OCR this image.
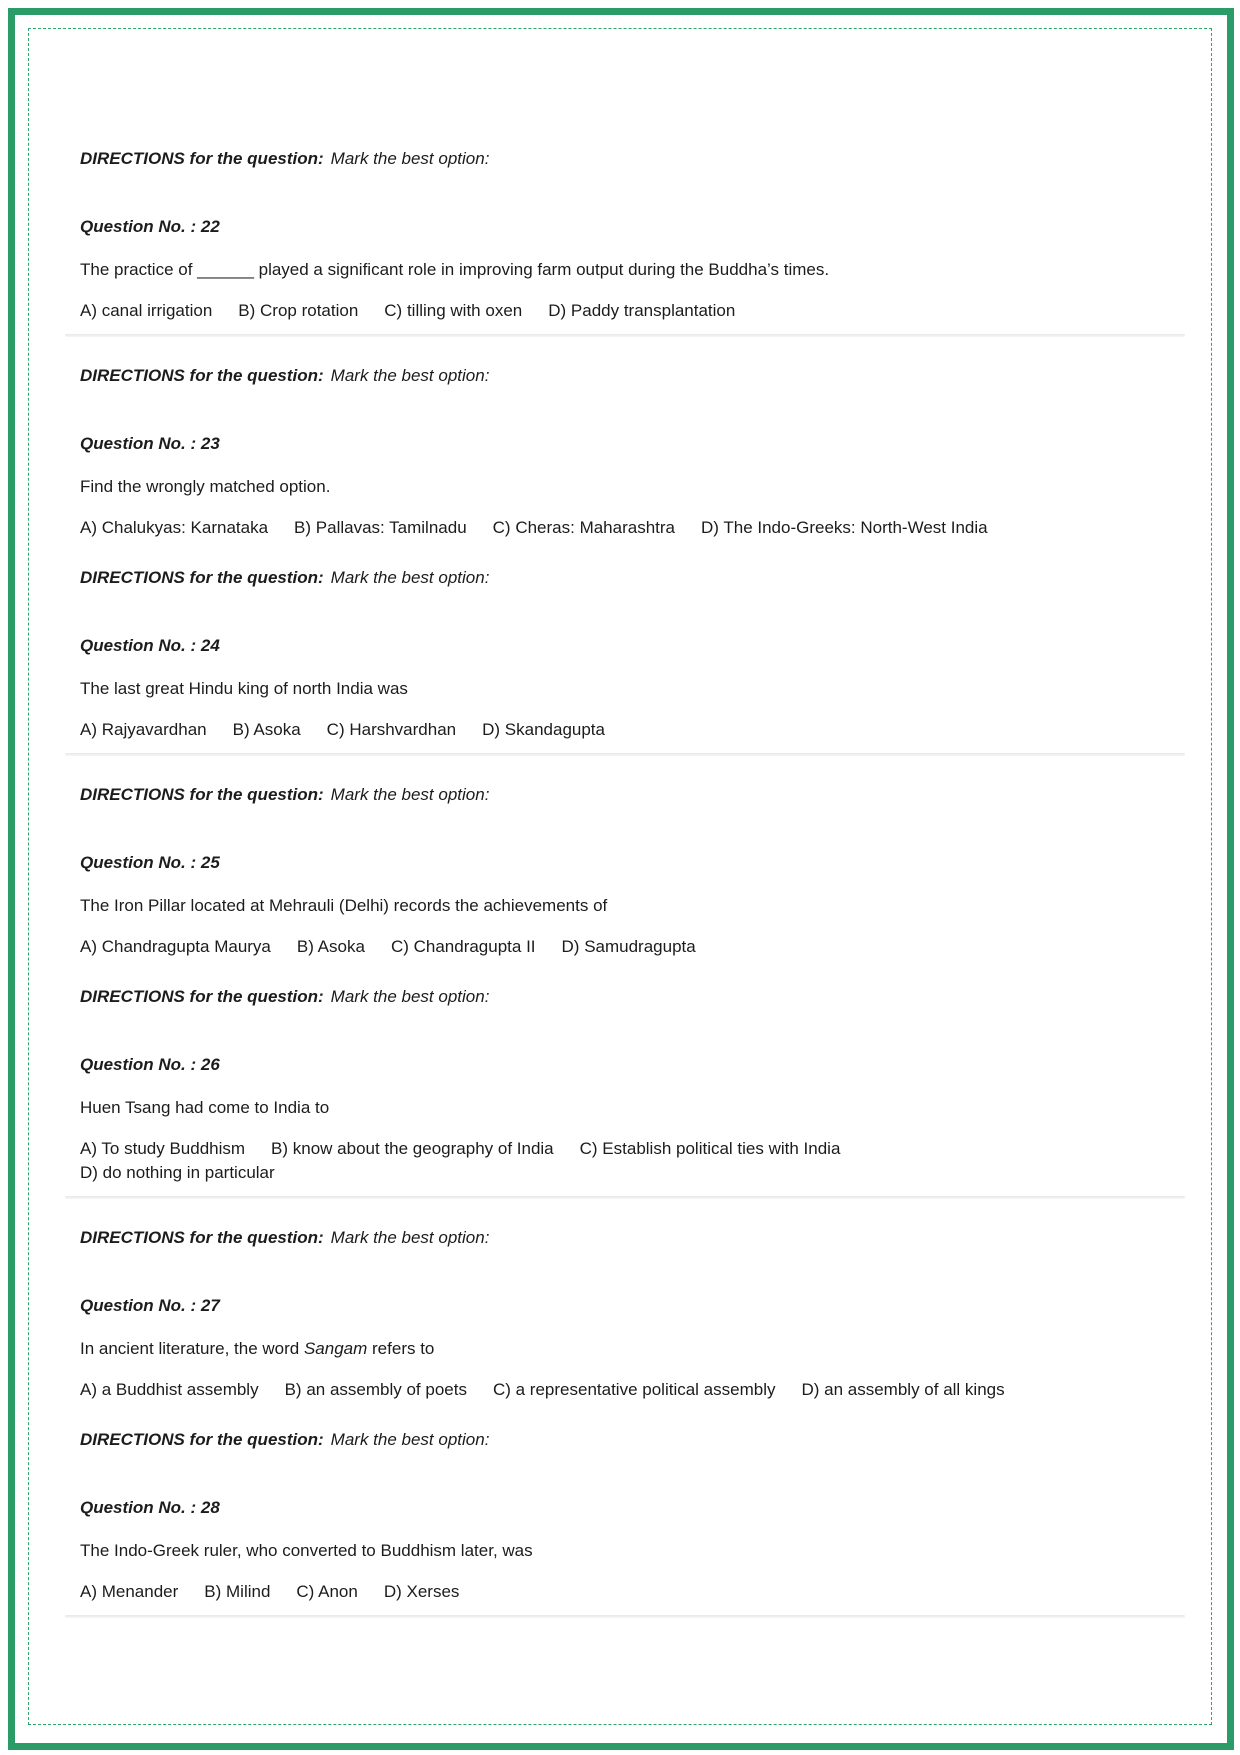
DIRECTIONS for the question: Mark the best option:

Question No. : 22

The practice of ______ played a significant role in improving farm output during the Buddha’s times.

A) canal irrigation B) Crop rotation C) tilling with oxen D) Paddy transplantation

DIRECTIONS for the question: Mark the best option:

Question No. : 23

Find the wrongly matched option.

A) Chalukyas: Karnataka B) Pallavas: Tamilnadu C) Cheras: Maharashtra D) The Indo-Greeks: North-West India

DIRECTIONS for the question: Mark the best option:

Question No. : 24

The last great Hindu king of north India was

A) Rajyavardhan B) Asoka C) Harshvardhan D) Skandagupta

DIRECTIONS for the question: Mark the best option:

Question No. : 25

The Iron Pillar located at Mehrauli (Delhi) records the achievements of

A) Chandragupta Maurya B) Asoka C) Chandragupta II D) Samudragupta

DIRECTIONS for the question: Mark the best option:

Question No. : 26

Huen Tsang had come to India to

A) To study Buddhism B) know about the geography of India C) Establish political ties with India
D) do nothing in particular

DIRECTIONS for the question: Mark the best option:

Question No. : 27

In ancient literature, the word Sangam refers to

A) a Buddhist assembly B) an assembly of poets C) a representative political assembly D) an assembly of all kings

DIRECTIONS for the question: Mark the best option:

Question No. : 28

The Indo-Greek ruler, who converted to Buddhism later, was

A) Menander B) Milind C) Anon D) Xerses
